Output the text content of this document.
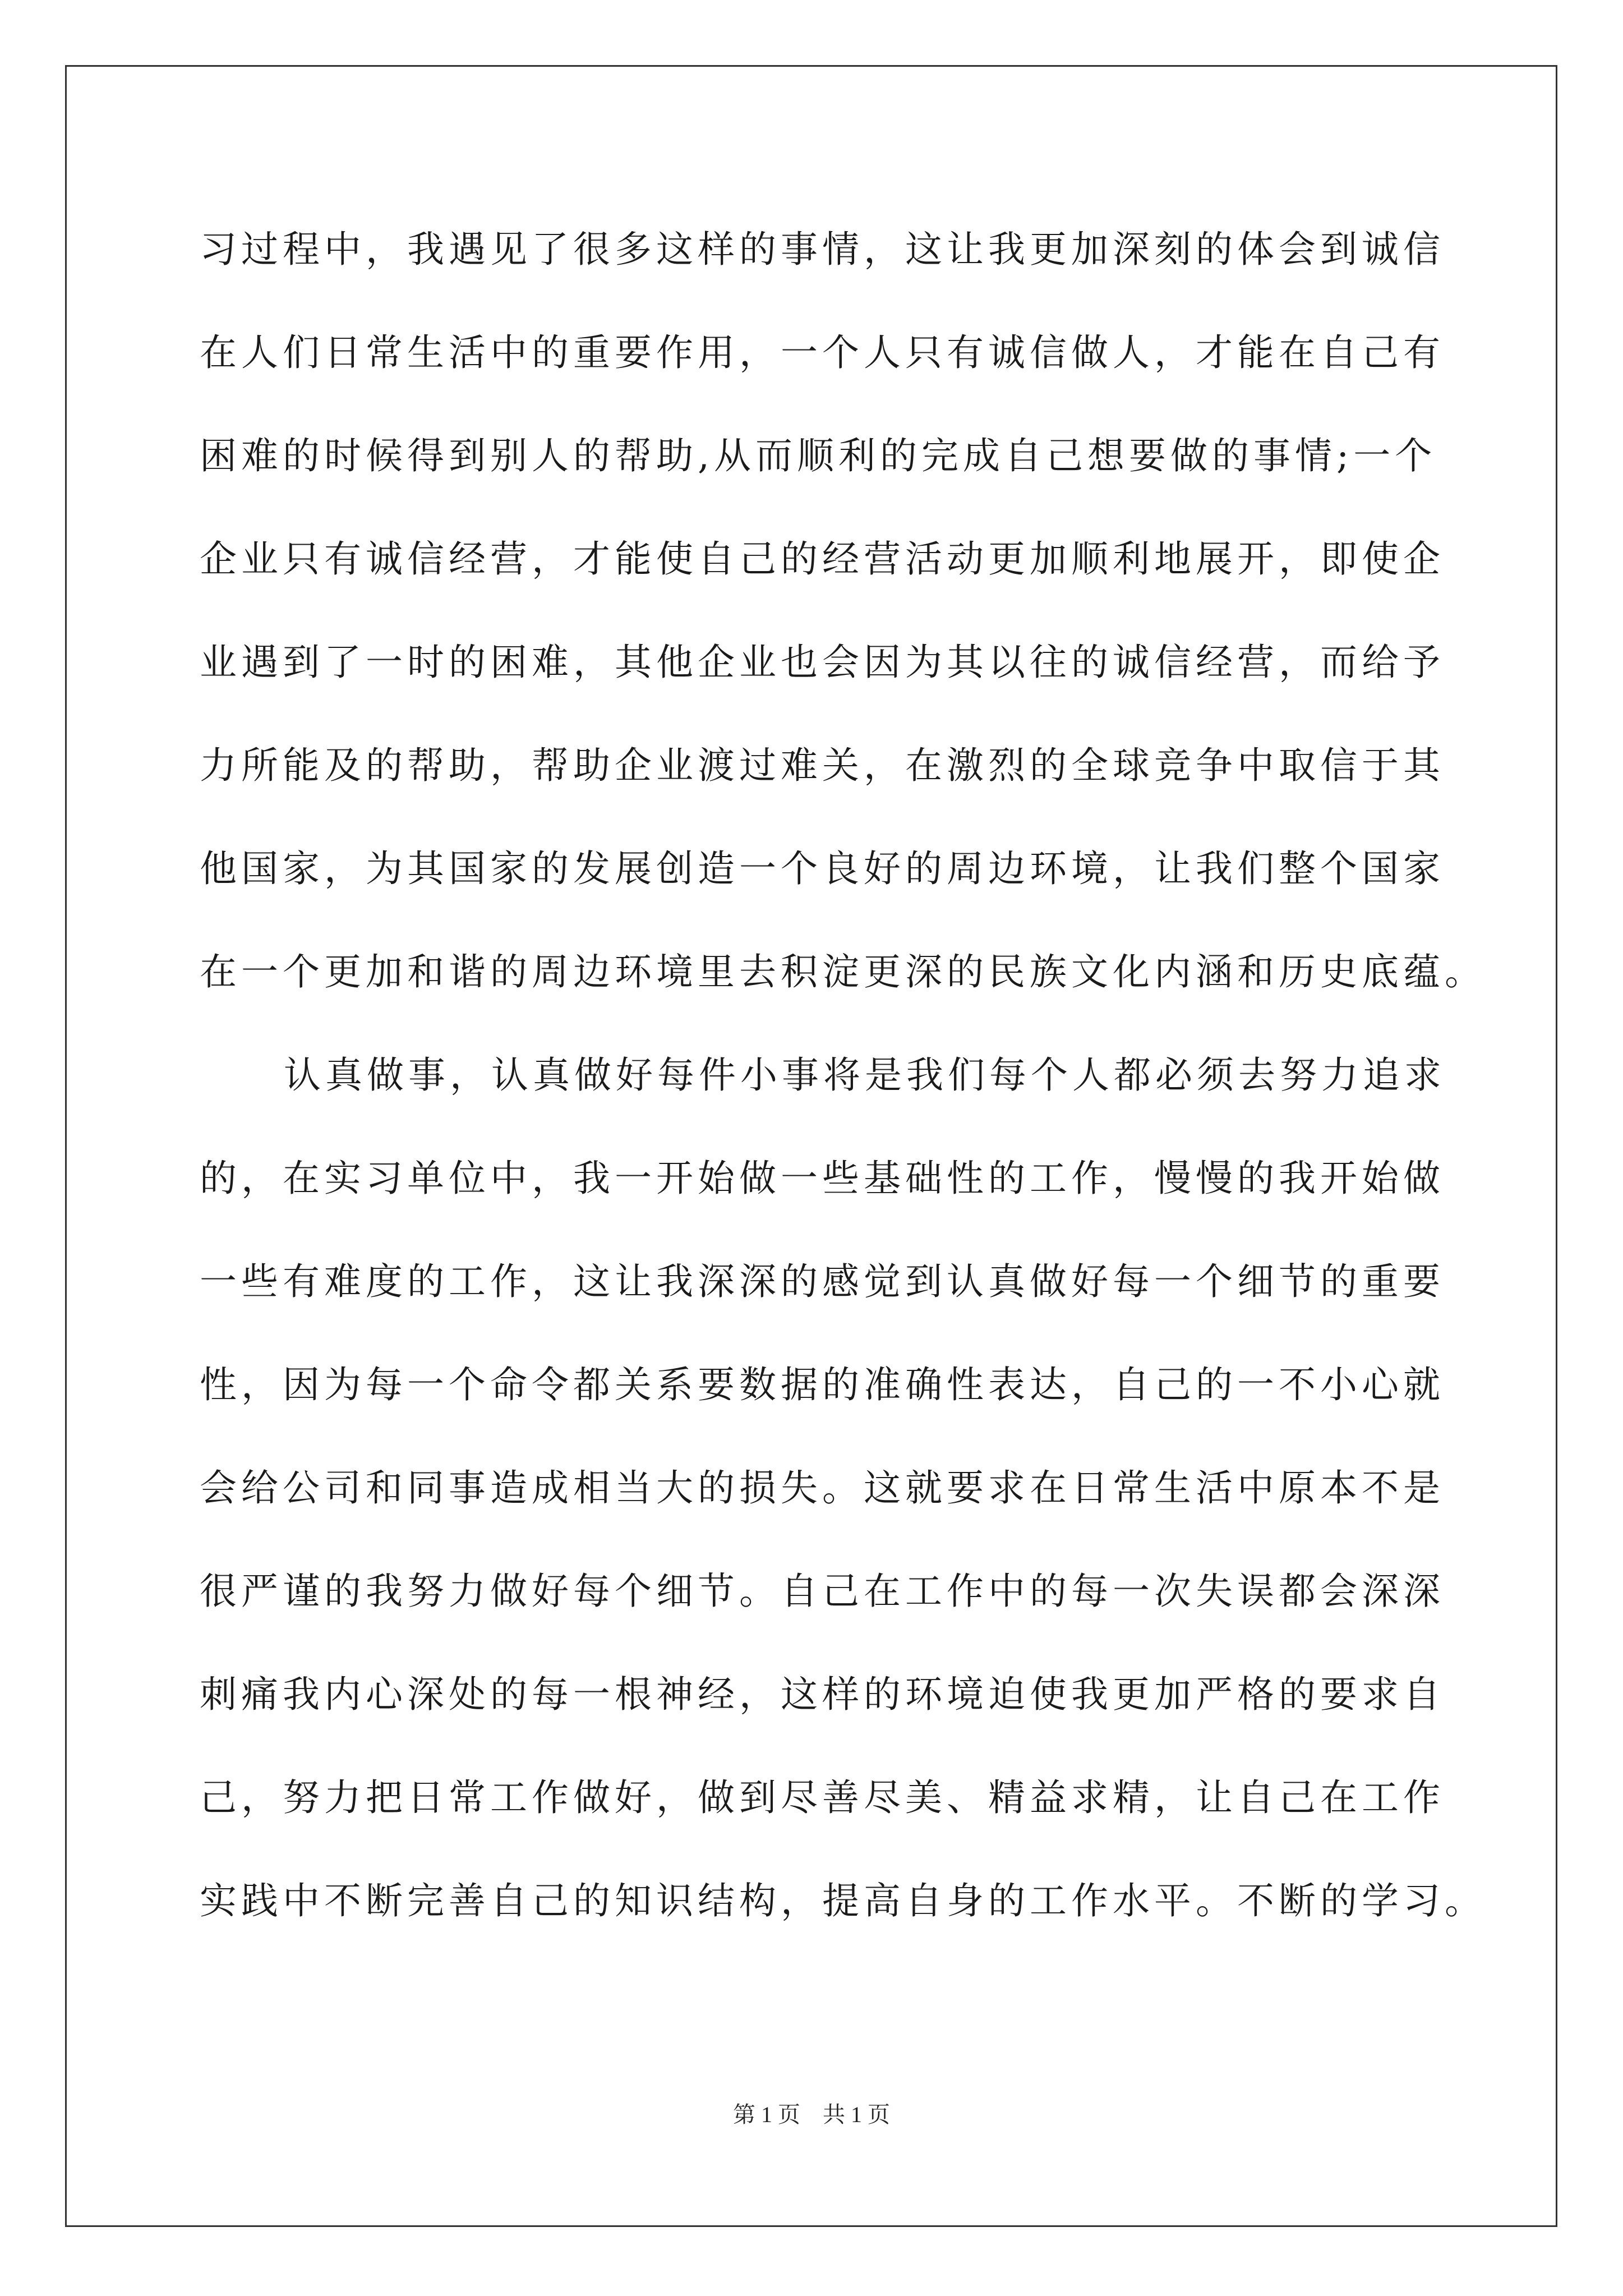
习过程中，我遇见了很多这样的事情，这让我更加深刻的体会到诚信
在人们日常生活中的重要作用，一个人只有诚信做人，才能在自己有
困难的时候得到别人的帮助,从而顺利的完成自己想要做的事情;一个
企业只有诚信经营，才能使自己的经营活动更加顺利地展开，即使企
业遇到了一时的困难，其他企业也会因为其以往的诚信经营，而给予
力所能及的帮助，帮助企业渡过难关，在激烈的全球竞争中取信于其
他国家，为其国家的发展创造一个良好的周边环境，让我们整个国家
在一个更加和谐的周边环境里去积淀更深的民族文化内涵和历史底蕴。
认真做事，认真做好每件小事将是我们每个人都必须去努力追求
的，在实习单位中，我一开始做一些基础性的工作，慢慢的我开始做
一些有难度的工作，这让我深深的感觉到认真做好每一个细节的重要
性，因为每一个命令都关系要数据的准确性表达，自己的一不小心就
会给公司和同事造成相当大的损失。这就要求在日常生活中原本不是
很严谨的我努力做好每个细节。自己在工作中的每一次失误都会深深
刺痛我内心深处的每一根神经，这样的环境迫使我更加严格的要求自
己，努力把日常工作做好，做到尽善尽美、精益求精，让自己在工作
实践中不断完善自己的知识结构，提高自身的工作水平。不断的学习。
第 1 页　共 1 页
